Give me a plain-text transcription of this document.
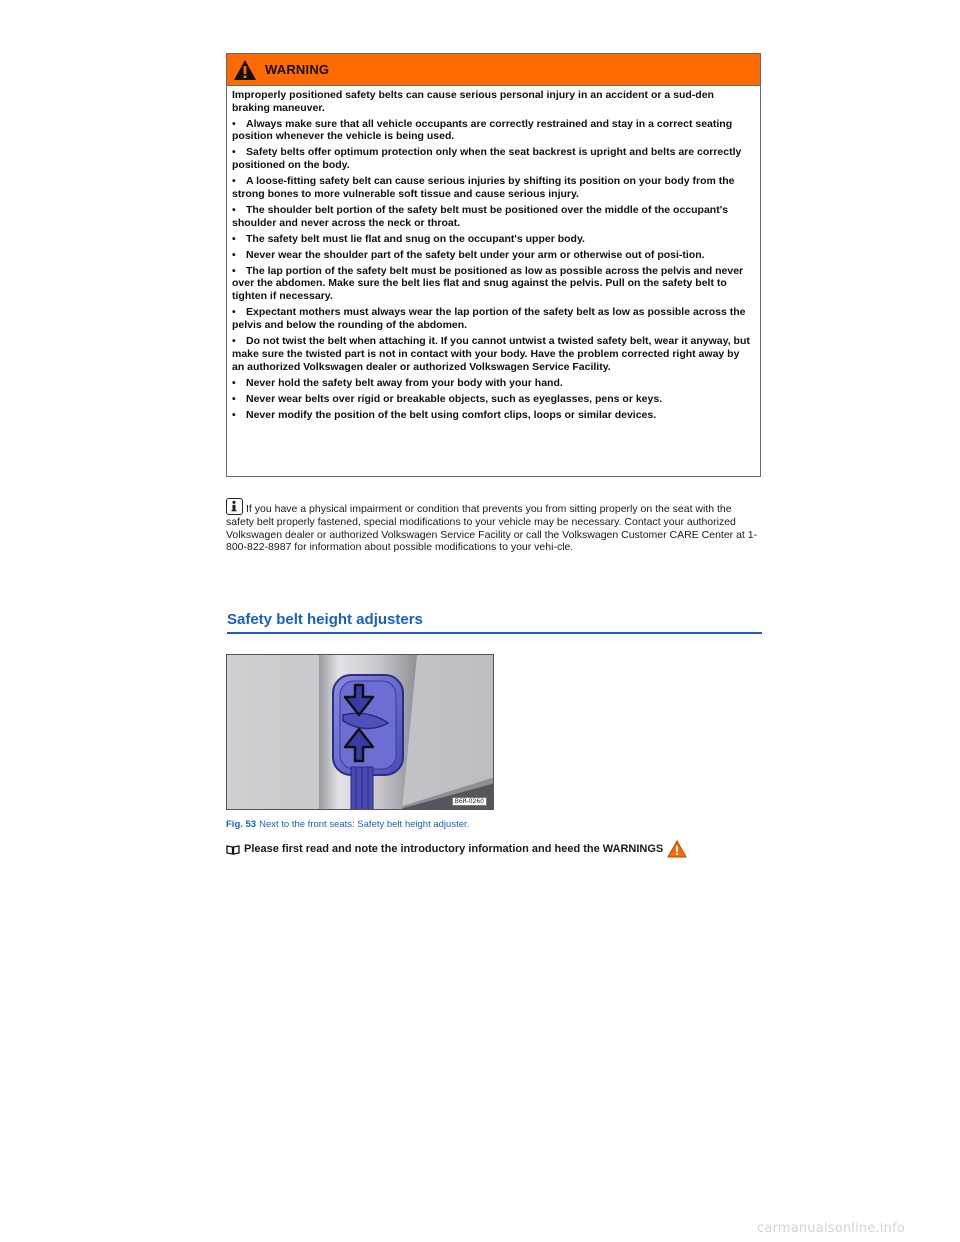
WARNING

Improperly positioned safety belts can cause serious personal injury in an accident or a sud-den braking maneuver.

• Always make sure that all vehicle occupants are correctly restrained and stay in a correct seating position whenever the vehicle is being used.

• Safety belts offer optimum protection only when the seat backrest is upright and belts are correctly positioned on the body.

• A loose-fitting safety belt can cause serious injuries by shifting its position on your body from the strong bones to more vulnerable soft tissue and cause serious injury.

• The shoulder belt portion of the safety belt must be positioned over the middle of the occupant's shoulder and never across the neck or throat.

• The safety belt must lie flat and snug on the occupant's upper body.

• Never wear the shoulder part of the safety belt under your arm or otherwise out of posi-tion.

• The lap portion of the safety belt must be positioned as low as possible across the pelvis and never over the abdomen. Make sure the belt lies flat and snug against the pelvis. Pull on the safety belt to tighten if necessary.

• Expectant mothers must always wear the lap portion of the safety belt as low as possible across the pelvis and below the rounding of the abdomen.

• Do not twist the belt when attaching it. If you cannot untwist a twisted safety belt, wear it anyway, but make sure the twisted part is not in contact with your body. Have the problem corrected right away by an authorized Volkswagen dealer or authorized Volkswagen Service Facility.

• Never hold the safety belt away from your body with your hand.

• Never wear belts over rigid or breakable objects, such as eyeglasses, pens or keys.

• Never modify the position of the belt using comfort clips, loops or similar devices.

If you have a physical impairment or condition that prevents you from sitting properly on the seat with the safety belt properly fastened, special modifications to your vehicle may be necessary. Contact your authorized Volkswagen dealer or authorized Volkswagen Service Facility or call the Volkswagen Customer CARE Center at 1-800-822-8987 for information about possible modifications to your vehi-cle.
Safety belt height adjusters
B6R-0260
Fig. 53 Next to the front seats: Safety belt height adjuster.
Please first read and note the introductory information and heed the WARNINGS
carmanualsonline.info
